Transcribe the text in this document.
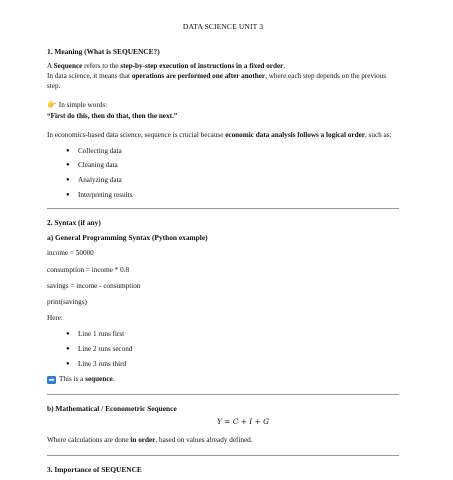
DATA SCIENCE UNIT 3
1. Meaning (What is SEQUENCE?)

A Sequence refers to the step-by-step execution of instructions in a fixed order.
In data science, it means that operations are performed one after another, where each step depends on the previous step.

👉 In simple words:

“First do this, then do that, then the next.”

In economics-based data science, sequence is crucial because economic data analysis follows a logical order, such as:

● Collecting data
● Cleaning data
● Analyzing data
● Interpreting results
2. Syntax (if any)
a) General Programming Syntax (Python example)

income = 50000

consumption = income * 0.8

savings = income - consumption

print(savings)

Here:

● Line 1 runs first
● Line 2 runs second
● Line 3 runs third

➡ This is a sequence.

b) Mathematical / Econometric Sequence
Y = C + I + G

Where calculations are done in order, based on values already defined.

3. Importance of SEQUENCE
